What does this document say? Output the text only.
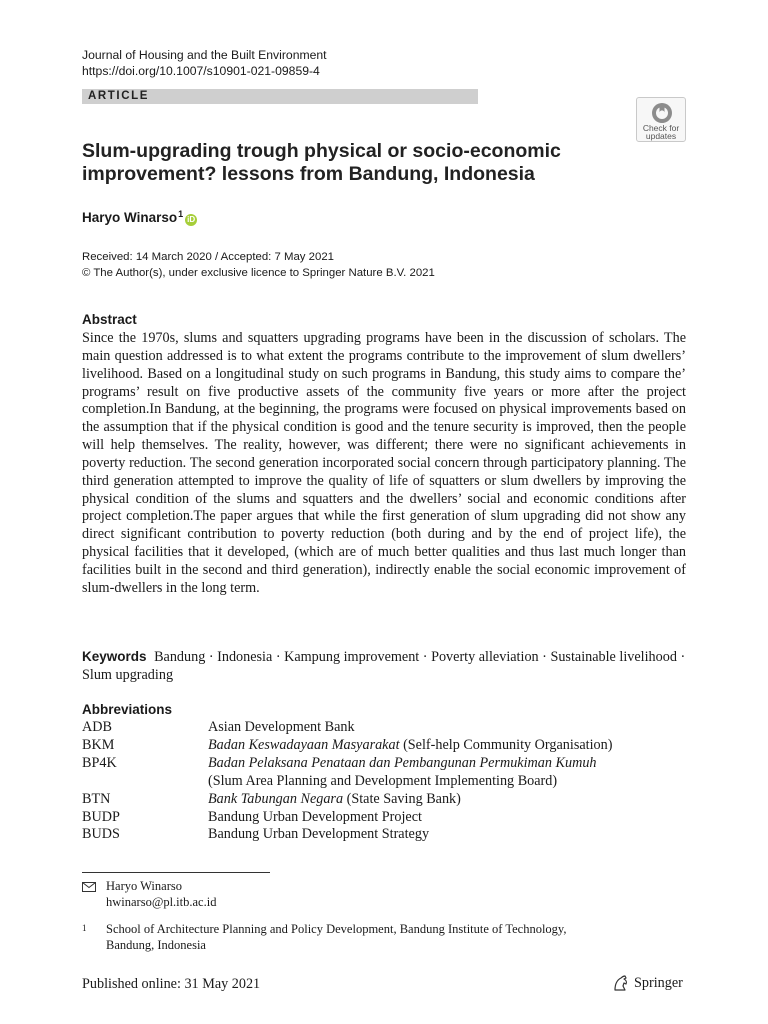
Journal of Housing and the Built Environment
https://doi.org/10.1007/s10901-021-09859-4
ARTICLE
Check for
updates
Slum-upgrading trough physical or socio-economic
improvement? lessons from Bandung, Indonesia
Haryo Winarso$^1$iD
Received: 14 March 2020 / Accepted: 7 May 2021
© The Author(s), under exclusive licence to Springer Nature B.V. 2021
Abstract
Since the 1970s, slums and squatters upgrading programs have been in the discussion of scholars. The main question addressed is to what extent the programs contribute to the improvement of slum dwellers’ livelihood. Based on a longitudinal study on such programs in Bandung, this study aims to compare the’ programs’ result on five productive assets of the community five years or more after the project completion.In Bandung, at the beginning, the programs were focused on physical improvements based on the assumption that if the physical condition is good and the tenure security is improved, then the people will help themselves. The reality, however, was different; there were no significant achievements in poverty reduction. The second generation incorporated social concern through participatory planning. The third generation attempted to improve the quality of life of squatters or slum dwellers by improving the physical condition of the slums and squatters and the dwellers’ social and economic conditions after project completion.The paper argues that while the first generation of slum upgrading did not show any direct significant contribution to poverty reduction (both during and by the end of project life), the physical facilities that it developed, (which are of much better qualities and thus last much longer than facilities built in the second and third generation), indirectly enable the social economic improvement of slum-dwellers in the long term.
Keywords Bandung · Indonesia · Kampung improvement · Poverty alleviation · Sustainable livelihood · Slum upgrading
Abbreviations
ADB	Asian Development Bank
BKM	Badan Keswadayaan Masyarakat (Self-help Community Organisation)
BP4K	Badan Pelaksana Penataan dan Pembangunan Permukiman Kumuh
(Slum Area Planning and Development Implementing Board)
BTN	Bank Tabungan Negara (State Saving Bank)
BUDP	Bandung Urban Development Project
BUDS	Bandung Urban Development Strategy
Haryo Winarso
hwinarso@pl.itb.ac.id
1 School of Architecture Planning and Policy Development, Bandung Institute of Technology,
Bandung, Indonesia
Published online: 31 May 2021	Springer
